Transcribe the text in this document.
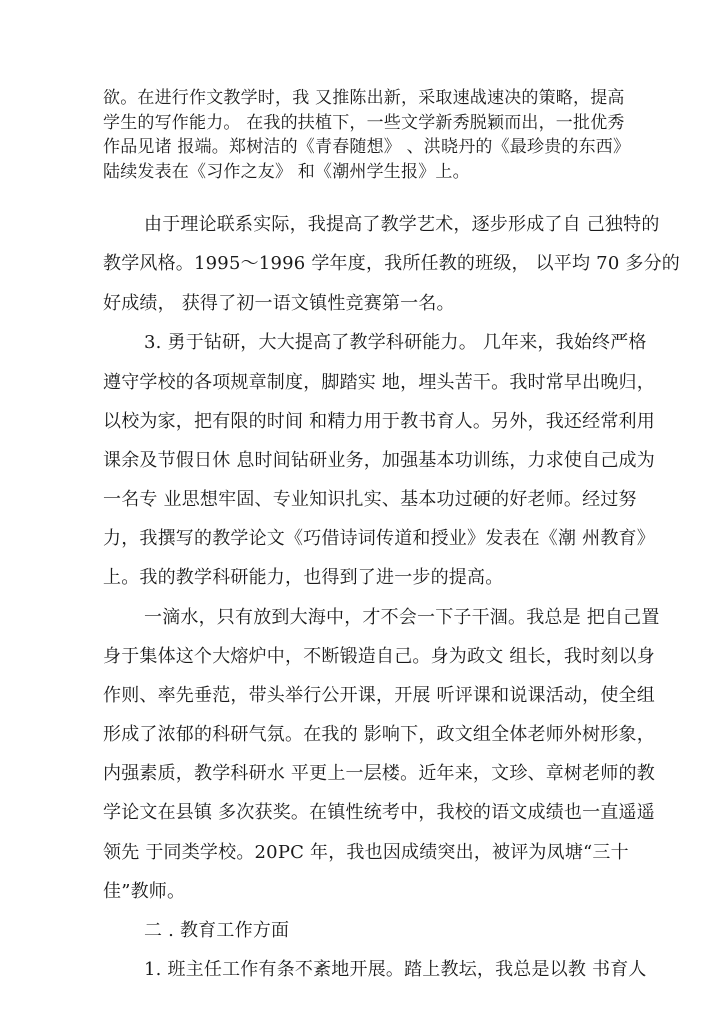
欲。在进行作文教学时，我 又推陈出新，采取速战速决的策略，提高
学生的写作能力。 在我的扶植下，一些文学新秀脱颖而出，一批优秀
作品见诸 报端。郑树洁的《青春随想》 、洪晓丹的《最珍贵的东西》
陆续发表在《习作之友》 和《潮州学生报》上。
由于理论联系实际，我提高了教学艺术，逐步形成了自 己独特的
教学风格。1995～1996 学年度，我所任教的班级， 以平均 70 多分的
好成绩， 获得了初一语文镇性竞赛第一名。
3. 勇于钻研，大大提高了教学科研能力。 几年来，我始终严格
遵守学校的各项规章制度，脚踏实 地，埋头苦干。我时常早出晚归，
以校为家，把有限的时间 和精力用于教书育人。另外，我还经常利用
课余及节假日休 息时间钻研业务，加强基本功训练，力求使自己成为
一名专 业思想牢固、专业知识扎实、基本功过硬的好老师。经过努
力，我撰写的教学论文《巧借诗词传道和授业》发表在《潮 州教育》
上。我的教学科研能力，也得到了进一步的提高。
一滴水，只有放到大海中，才不会一下子干涸。我总是 把自己置
身于集体这个大熔炉中，不断锻造自己。身为政文 组长，我时刻以身
作则、率先垂范，带头举行公开课，开展 听评课和说课活动，使全组
形成了浓郁的科研气氛。在我的 影响下，政文组全体老师外树形象，
内强素质，教学科研水 平更上一层楼。近年来，文珍、章树老师的教
学论文在县镇 多次获奖。在镇性统考中，我校的语文成绩也一直遥遥
领先 于同类学校。20PC 年，我也因成绩突出，被评为凤塘“三十
佳”教师。
二 . 教育工作方面
1. 班主任工作有条不紊地开展。踏上教坛，我总是以教 书育人
